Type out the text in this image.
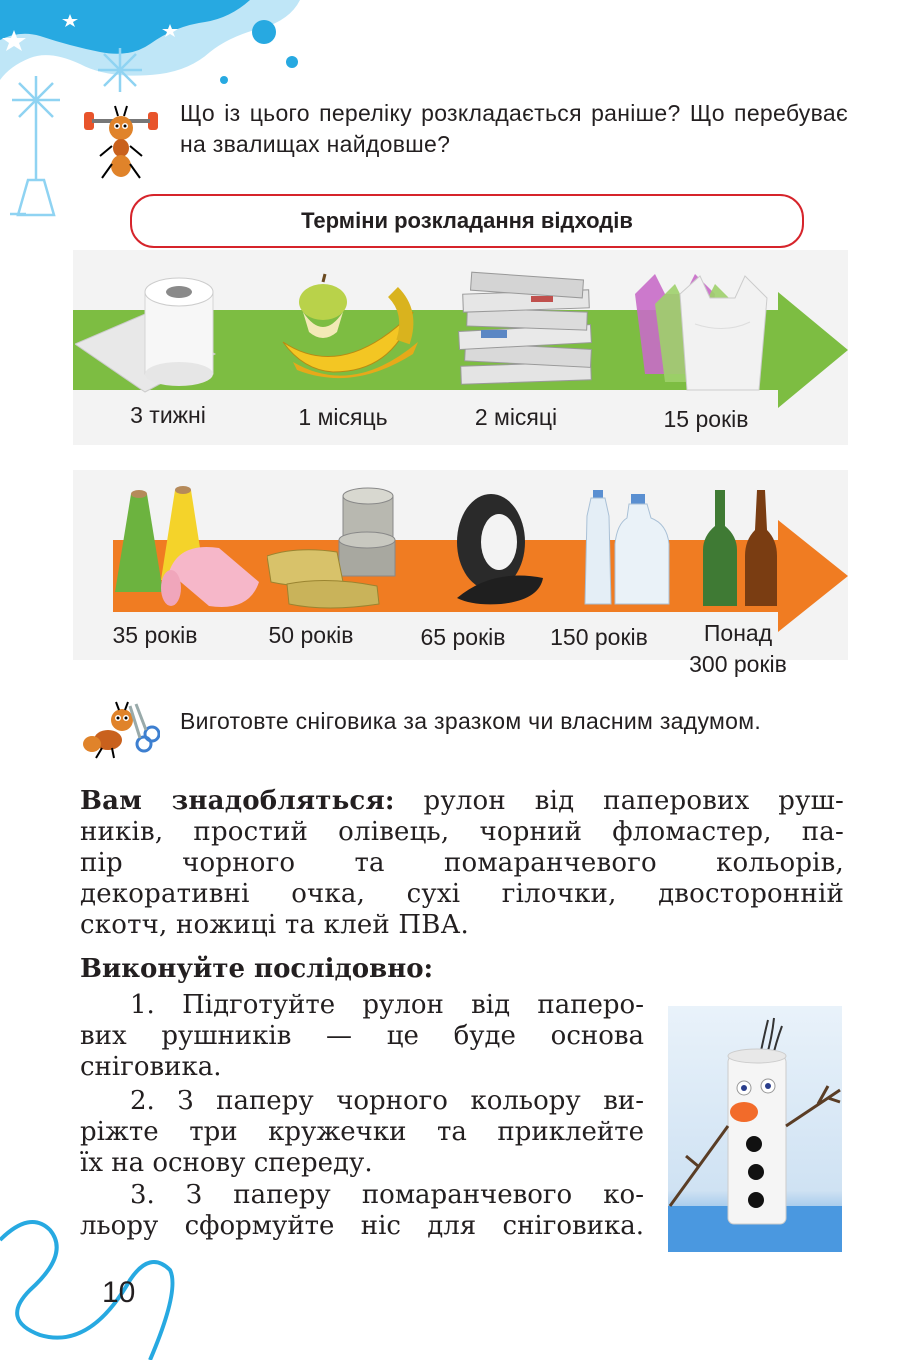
Що із цього переліку розкладається раніше? Що перебуває на звалищах найдовше?
Терміни розкладання відходів
3 тижні	1 місяць	2 місяці	15 років
35 років	50 років	65 років	150 років	Понад
300 років
Виготовте сніговика за зразком чи власним задумом.
Вам знадобляться: рулон від паперових руш-
ників, простий олівець, чорний фломастер, па-
пір чорного та помаранчевого кольорів,
декоративні очка, сухі гілочки, двосторонній
скотч, ножиці та клей ПВА.
Виконуйте послідовно:

1. Підготуйте рулон від паперо-

вих рушників — це буде основа

сніговика.

2. З паперу чорного кольору ви-

ріжте три кружечки та приклейте

їх на основу спереду.

3. З паперу помаранчевого ко-

льору сформуйте ніс для сніговика.

10
